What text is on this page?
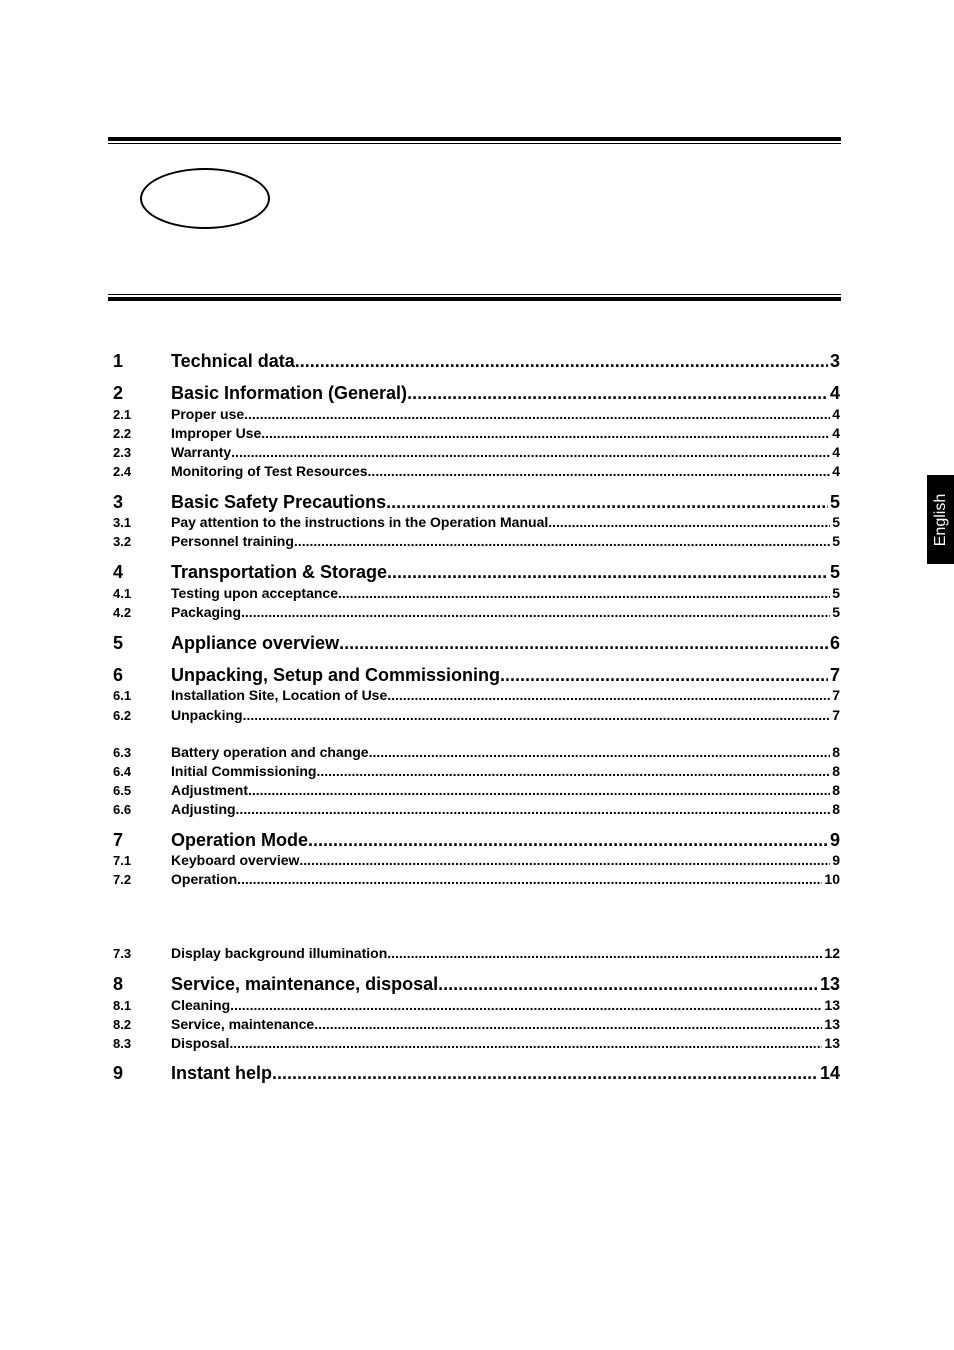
English
1	Technical data .....	3
2	Basic Information (General) .....	4
2.1	Proper use .....	4
2.2	Improper Use .....	4
2.3	Warranty .....	4
2.4	Monitoring of Test Resources .....	4
3	Basic Safety Precautions .....	5
3.1	Pay attention to the instructions in the Operation Manual .....	5
3.2	Personnel training .....	5
4	Transportation & Storage .....	5
4.1	Testing upon acceptance .....	5
4.2	Packaging .....	5
5	Appliance overview .....	6
6	Unpacking, Setup and Commissioning .....	7
6.1	Installation Site, Location of Use .....	7
6.2	Unpacking .....	7
6.3	Battery operation and change .....	8
6.4	Initial Commissioning .....	8
6.5	Adjustment .....	8
6.6	Adjusting .....	8
7	Operation Mode .....	9
7.1	Keyboard overview .....	9
7.2	Operation .....	10
7.3	Display background illumination .....	12
8	Service, maintenance, disposal .....	13
8.1	Cleaning .....	13
8.2	Service, maintenance .....	13
8.3	Disposal .....	13
9	Instant help .....	14
